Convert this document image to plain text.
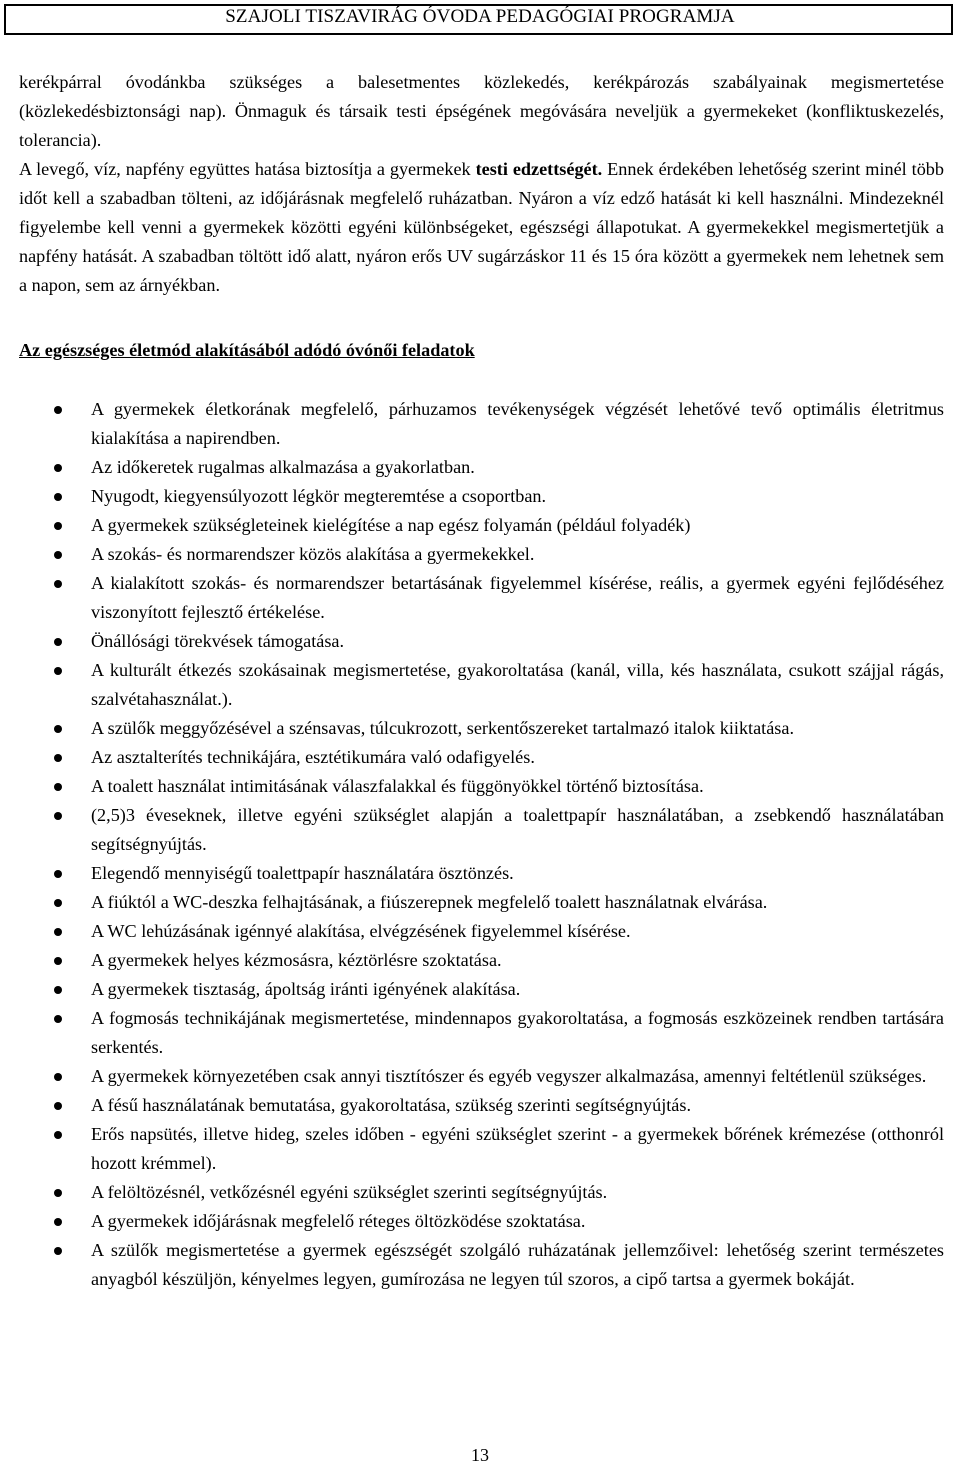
SZAJOLI TISZAVIRÁG ÓVODA PEDAGÓGIAI PROGRAMJA

kerékpárral óvodánkba szükséges a balesetmentes közlekedés, kerékpározás szabályainak megismertetése (közlekedésbiztonsági nap). Önmaguk és társaik testi épségének megóvására neveljük a gyermekeket (konfliktuskezelés, tolerancia).

A levegő, víz, napfény együttes hatása biztosítja a gyermekek testi edzettségét. Ennek érdekében lehetőség szerint minél több időt kell a szabadban tölteni, az időjárásnak megfelelő ruházatban. Nyáron a víz edző hatását ki kell használni. Mindezeknél figyelembe kell venni a gyermekek közötti egyéni különbségeket, egészségi állapotukat. A gyermekekkel megismertetjük a napfény hatását. A szabadban töltött idő alatt, nyáron erős UV sugárzáskor 11 és 15 óra között a gyermekek nem lehetnek sem a napon, sem az árnyékban.

Az egészséges életmód alakításából adódó óvónői feladatok
A gyermekek életkorának megfelelő, párhuzamos tevékenységek végzését lehetővé tevő optimális életritmus kialakítása a napirendben.
Az időkeretek rugalmas alkalmazása a gyakorlatban.
Nyugodt, kiegyensúlyozott légkör megteremtése a csoportban.
A gyermekek szükségleteinek kielégítése a nap egész folyamán (például folyadék)
A szokás- és normarendszer közös alakítása a gyermekekkel.
A kialakított szokás- és normarendszer betartásának figyelemmel kísérése, reális, a gyermek egyéni fejlődéséhez viszonyított fejlesztő értékelése.
Önállósági törekvések támogatása.
A kulturált étkezés szokásainak megismertetése, gyakoroltatása (kanál, villa, kés használata, csukott szájjal rágás, szalvétahasználat.).
A szülők meggyőzésével a szénsavas, túlcukrozott, serkentőszereket tartalmazó italok kiiktatása.
Az asztalterítés technikájára, esztétikumára való odafigyelés.
A toalett használat intimitásának válaszfalakkal és függönyökkel történő biztosítása.
(2,5)3 éveseknek, illetve egyéni szükséglet alapján a toalettpapír használatában, a zsebkendő használatában segítségnyújtás.
Elegendő mennyiségű toalettpapír használatára ösztönzés.
A fiúktól a WC-deszka felhajtásának, a fiúszerepnek megfelelő toalett használatnak elvárása.
A WC lehúzásának igénnyé alakítása, elvégzésének figyelemmel kísérése.
A gyermekek helyes kézmosásra, kéztörlésre szoktatása.
A gyermekek tisztaság, ápoltság iránti igényének alakítása.
A fogmosás technikájának megismertetése, mindennapos gyakoroltatása, a fogmosás eszközeinek rendben tartására serkentés.
A gyermekek környezetében csak annyi tisztítószer és egyéb vegyszer alkalmazása, amennyi feltétlenül szükséges.
A fésű használatának bemutatása, gyakoroltatása, szükség szerinti segítségnyújtás.
Erős napsütés, illetve hideg, szeles időben - egyéni szükséglet szerint - a gyermekek bőrének krémezése (otthonról hozott krémmel).
A felöltözésnél, vetkőzésnél egyéni szükséglet szerinti segítségnyújtás.
A gyermekek időjárásnak megfelelő réteges öltözködése szoktatása.
A szülők megismertetése a gyermek egészségét szolgáló ruházatának jellemzőivel: lehetőség szerint természetes anyagból készüljön, kényelmes legyen, gumírozása ne legyen túl szoros, a cipő tartsa a gyermek bokáját.
13
